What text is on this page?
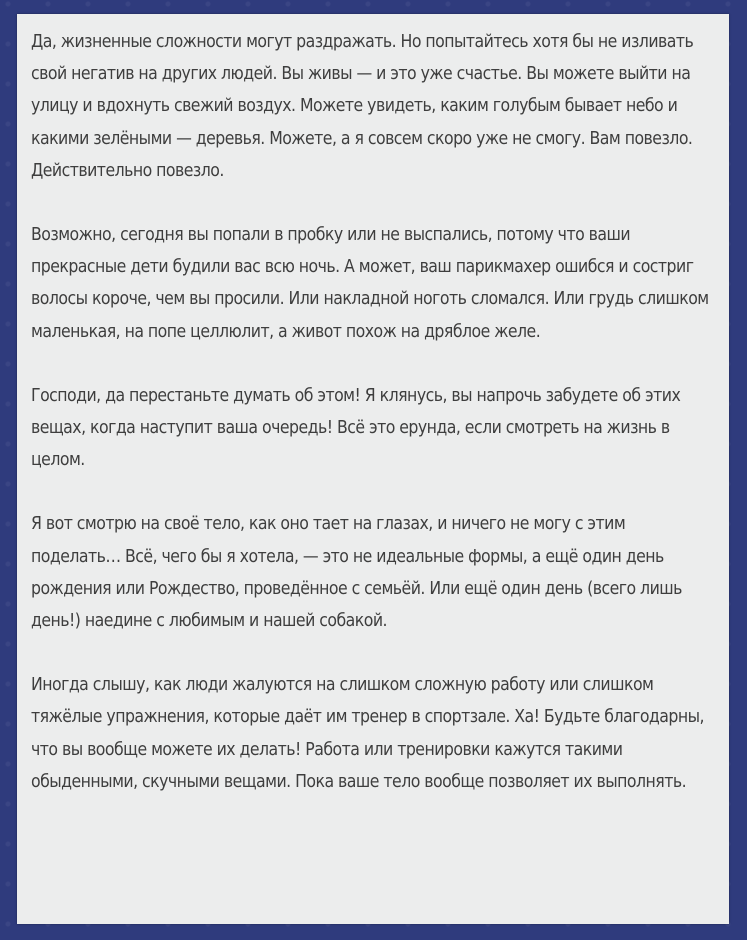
Да, жизненные сложности могут раздражать. Но попытайтесь хотя бы не изливать свой негатив на других людей. Вы живы — и это уже счастье. Вы можете выйти на улицу и вдохнуть свежий воздух. Можете увидеть, каким голубым бывает небо и какими зелёными — деревья. Можете, а я совсем скоро уже не смогу. Вам повезло. Действительно повезло.

Возможно, сегодня вы попали в пробку или не выспались, потому что ваши прекрасные дети будили вас всю ночь. А может, ваш парикмахер ошибся и состриг волосы короче, чем вы просили. Или накладной ноготь сломался. Или грудь слишком маленькая, на попе целлюлит, а живот похож на дряблое желе.

Господи, да перестаньте думать об этом! Я клянусь, вы напрочь забудете об этих вещах, когда наступит ваша очередь! Всё это ерунда, если смотреть на жизнь в целом.

Я вот смотрю на своё тело, как оно тает на глазах, и ничего не могу с этим поделать… Всё, чего бы я хотела, — это не идеальные формы, а ещё один день рождения или Рождество, проведённое с семьёй. Или ещё один день (всего лишь день!) наедине с любимым и нашей собакой.

Иногда слышу, как люди жалуются на слишком сложную работу или слишком тяжёлые упражнения, которые даёт им тренер в спортзале. Ха! Будьте благодарны, что вы вообще можете их делать! Работа или тренировки кажутся такими обыденными, скучными вещами. Пока ваше тело вообще позволяет их выполнять.
